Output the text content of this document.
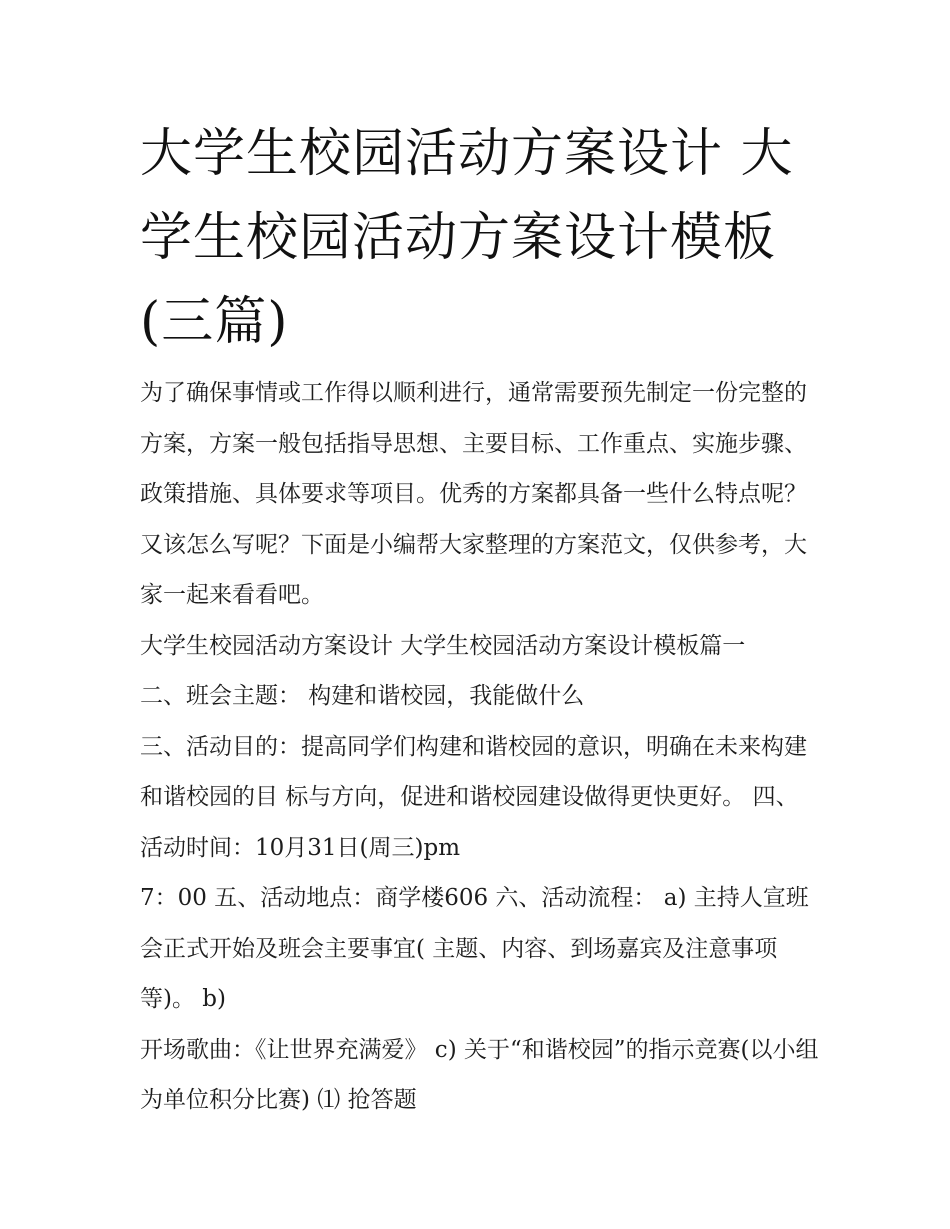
大学生校园活动方案设计 大学生校园活动方案设计模板(三篇)

为了确保事情或工作得以顺利进行，通常需要预先制定一份完整的方案，方案一般包括指导思想、主要目标、工作重点、实施步骤、政策措施、具体要求等项目。优秀的方案都具备一些什么特点呢？又该怎么写呢？下面是小编帮大家整理的方案范文，仅供参考，大家一起来看看吧。

大学生校园活动方案设计 大学生校园活动方案设计模板篇一

二、班会主题： 构建和谐校园，我能做什么

三、活动目的：提高同学们构建和谐校园的意识，明确在未来构建和谐校园的目 标与方向，促进和谐校园建设做得更快更好。 四、活动时间：10月31日(周三)pm

7：00 五、活动地点：商学楼606 六、活动流程： a) 主持人宣班会正式开始及班会主要事宜( 主题、内容、到场嘉宾及注意事项等)。 b)

开场歌曲：《让世界充满爱》 c) 关于“和谐校园”的指示竞赛(以小组为单位积分比赛) ⑴ 抢答题
